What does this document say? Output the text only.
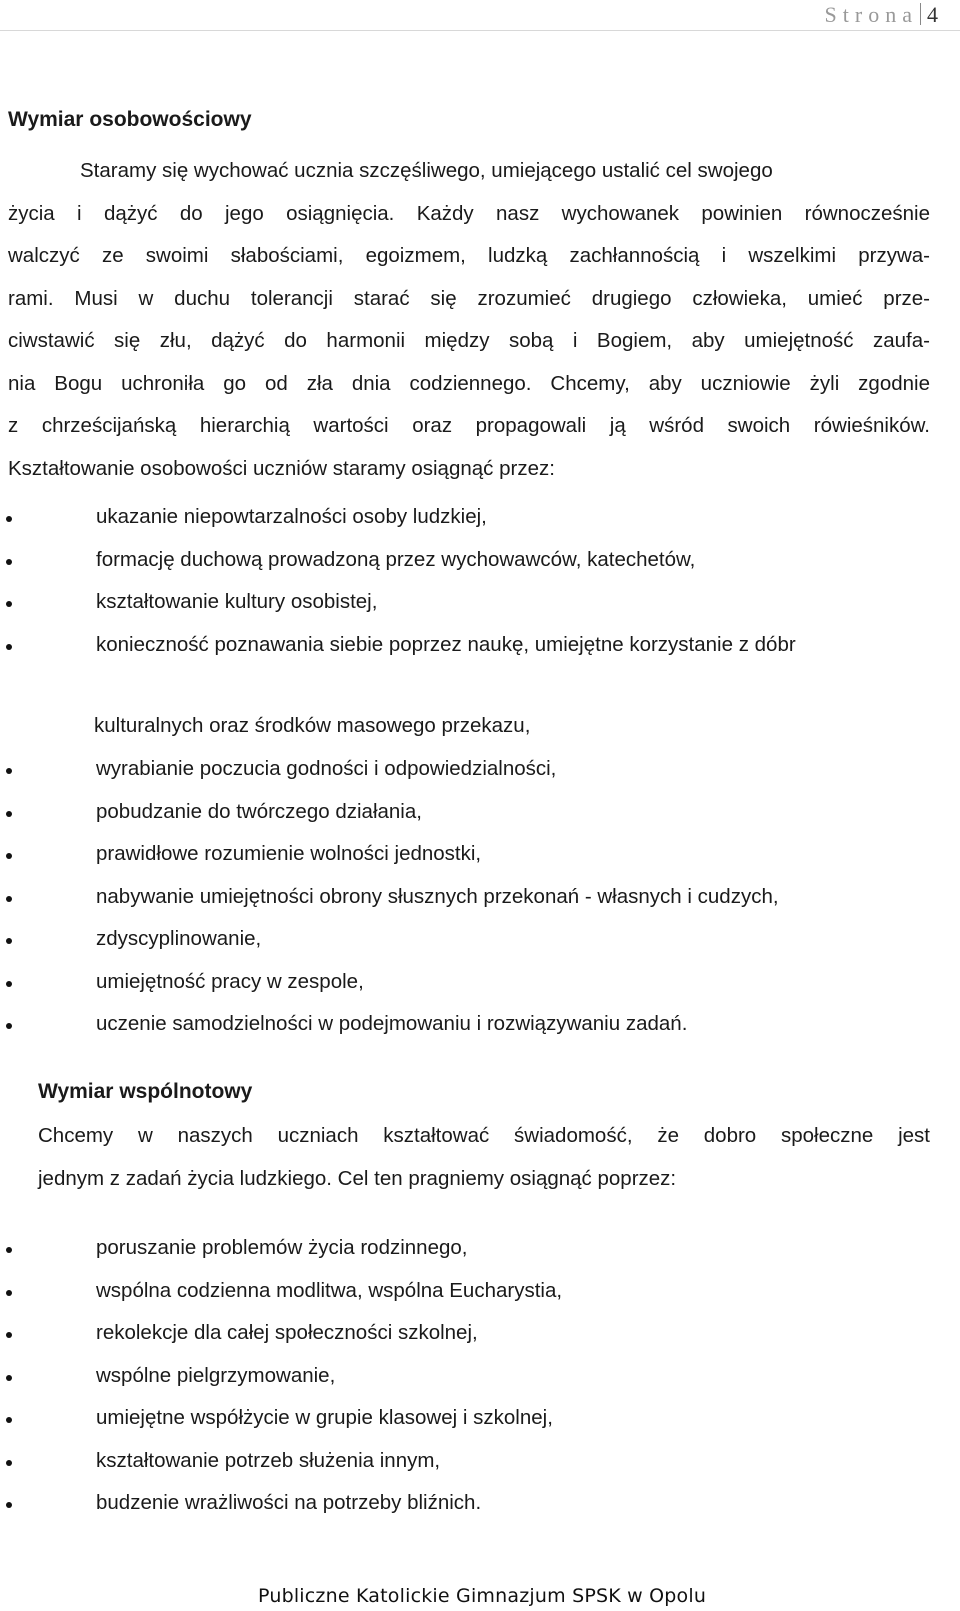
Strona 4
Wymiar osobowościowy
Staramy się wychować ucznia szczęśliwego, umiejącego ustalić cel swojego
życia i dążyć do jego osiągnięcia. Każdy nasz wychowanek powinien równocześnie
walczyć ze swoimi słabościami, egoizmem, ludzką zachłannością i wszelkimi przywa-
rami. Musi w duchu tolerancji starać się zrozumieć drugiego człowieka, umieć prze-
ciwstawić się złu, dążyć do harmonii między sobą i Bogiem, aby umiejętność zaufa-
nia Bogu uchroniła go od zła dnia codziennego. Chcemy, aby uczniowie żyli zgodnie
z chrześcijańską hierarchią wartości oraz propagowali ją wśród swoich rówieśników.
Kształtowanie osobowości uczniów staramy osiągnąć przez:
ukazanie niepowtarzalności osoby ludzkiej,
formację duchową prowadzoną przez wychowawców, katechetów,
kształtowanie kultury osobistej,
konieczność poznawania siebie poprzez naukę, umiejętne korzystanie z dóbr
kulturalnych oraz środków masowego przekazu,
wyrabianie poczucia godności i odpowiedzialności,
pobudzanie do twórczego działania,
prawidłowe rozumienie wolności jednostki,
nabywanie umiejętności obrony słusznych przekonań - własnych i cudzych,
zdyscyplinowanie,
umiejętność pracy w zespole,
uczenie samodzielności w podejmowaniu i rozwiązywaniu zadań.
Wymiar wspólnotowy
Chcemy w naszych uczniach kształtować świadomość, że dobro społeczne jest
jednym z zadań życia ludzkiego. Cel ten pragniemy osiągnąć poprzez:
poruszanie problemów życia rodzinnego,
wspólna codzienna modlitwa, wspólna Eucharystia,
rekolekcje dla całej społeczności szkolnej,
wspólne pielgrzymowanie,
umiejętne współżycie w grupie klasowej i szkolnej,
kształtowanie potrzeb służenia innym,
budzenie wrażliwości na potrzeby bliźnich.
Publiczne Katolickie Gimnazjum SPSK w Opolu
